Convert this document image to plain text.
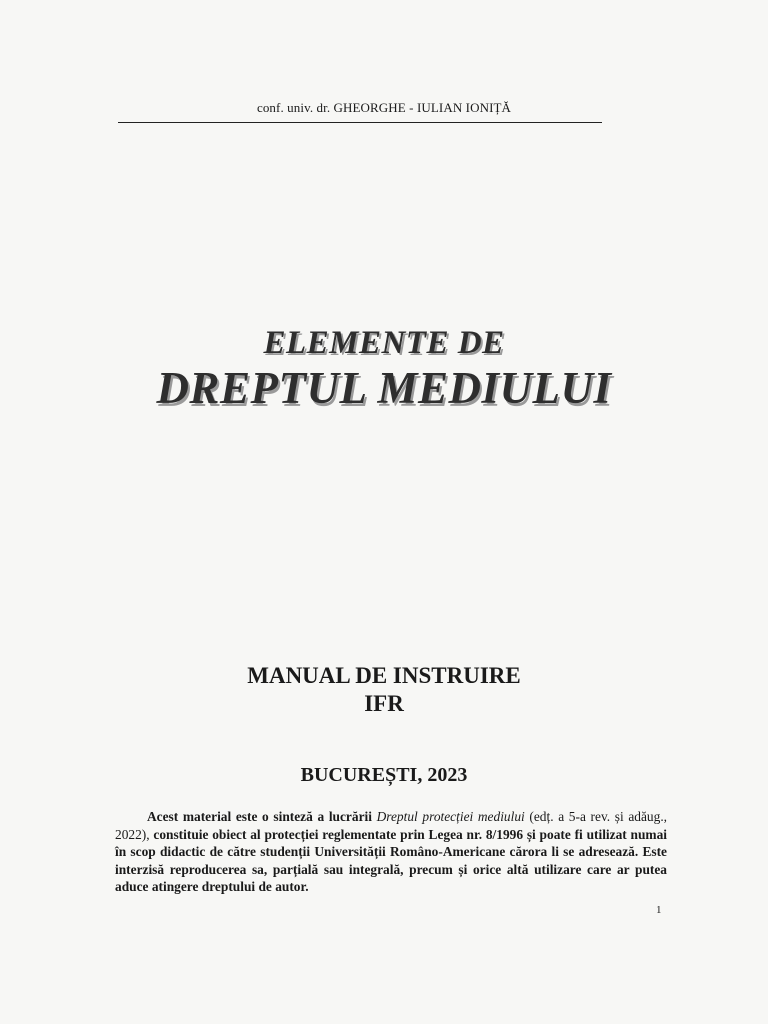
conf. univ. dr. GHEORGHE - IULIAN IONIȚĂ
ELEMENTE DE
DREPTUL MEDIULUI
MANUAL DE INSTRUIRE
IFR
BUCUREȘTI, 2023

Acest material este o sinteză a lucrării Dreptul protecției mediului (edț. a 5-a rev. și adăug., 2022), constituie obiect al protecției reglementate prin Legea nr. 8/1996 și poate fi utilizat numai în scop didactic de către studenții Universității Româno-Americane cărora li se adresează. Este interzisă reproducerea sa, parțială sau integrală, precum și orice altă utilizare care ar putea aduce atingere dreptului de autor.

1
